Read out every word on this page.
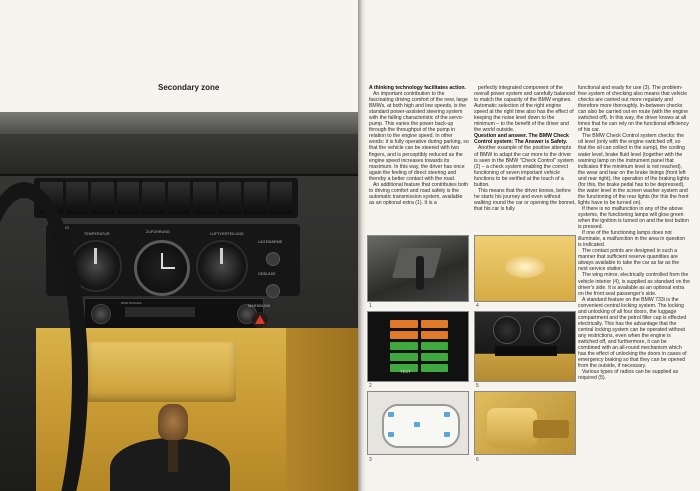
Secondary zone
HEIZUNG
TEMPERATUR	ZUFÜHRUNG	LUFTVERTEILUNG
LÄGEWÄRME
GEBLÄSE
BMW BAVARIA
WARNBLINK

A thinking technology facilitates action.

An important contribution to the fascinating driving comfort of the new, large BMWs, at both high and low speeds, is the standard power-assisted steering system with the falling characteristic of the servo-pump. This varies the power back-up through the throughput of the pump in relation to the engine speed. In other words: it is fully operative during parking, so that the vehicle can be steered with two fingers, and is perceptibly reduced as the engine speed increases towards its maximum. In this way, the driver has once again the feeling of direct steering and thereby a better contact with the road.

An additional feature that contributes both to driving comfort and road safety is the automatic transmission system, available as an optional extra (1). It is a

perfectly integrated component of the overall power system and carefully balanced to match the capacity of the BMW engines. Automatic selection of the right engine speed at the right time also has the effect of keeping the noise level down to the minimum – to the benefit of the driver and the world outside.

Question and answer. The BMW Check Control system: The Answer is Safety.

Another example of the positive attempts of BMW to adapt the car more to the driver is seen in the BMW "Check Control" system (2) – a check system enabling the correct functioning of seven important vehicle functions to be verified at the touch of a button.

This means that the driver knows, before he starts his journey and even without walking round the car or opening the bonnet, that his car is fully

functional and ready for use (3). The problem-free system of checking also means that vehicle checks are carried out more regularly and therefore more thoroughly. In-between checks can also be carried out en route (with the engine switched off). In this way, the driver knows at all times that he can rely on the functional efficiency of his car.

The BMW Check Control system checks: the oil level (only with the engine switched off, so that the oil can collect in the sump), the cooling water level, brake fluid level (together with the warning lamp on the instrument panel that indicates if the minimum level is not reached), the wear and tear on the brake linings (front left and rear right), the operation of the braking lights (for this, the brake pedal has to be depressed), the water level in the screen washer system and the functioning of the rear lights (for this the front lights have to be turned on).

If there is no malfunction in any of the above systems, the functioning lamps will glow green when the ignition is turned on and the test button is pressed.

If one of the functioning lamps does not illuminate, a malfunction in the area in question is indicated.

The contact points are designed in such a manner that sufficient reserve quantities are always available to take the car as far as the next service station.

The wing mirror, electrically controlled from the vehicle interior (4), is supplied as standard on the driver's side. It is available as an optional extra on the front seat passenger's side.

A standard feature on the BMW 733i is the convenient central locking system. The locking and unlocking of all four doors, the luggage compartment and the petrol filler cap is effected electrically. This has the advantage that the central locking system can be operated without any restrictions, even when the engine is switched off, and furthermore, it can be combined with an all-round mechanism which has the effect of unlocking the doors in cases of emergency braking so that they can be opened from the outside, if necessary.

Various types of radios can be supplied as required (5).

1
TEST
2
3
4
5
6
